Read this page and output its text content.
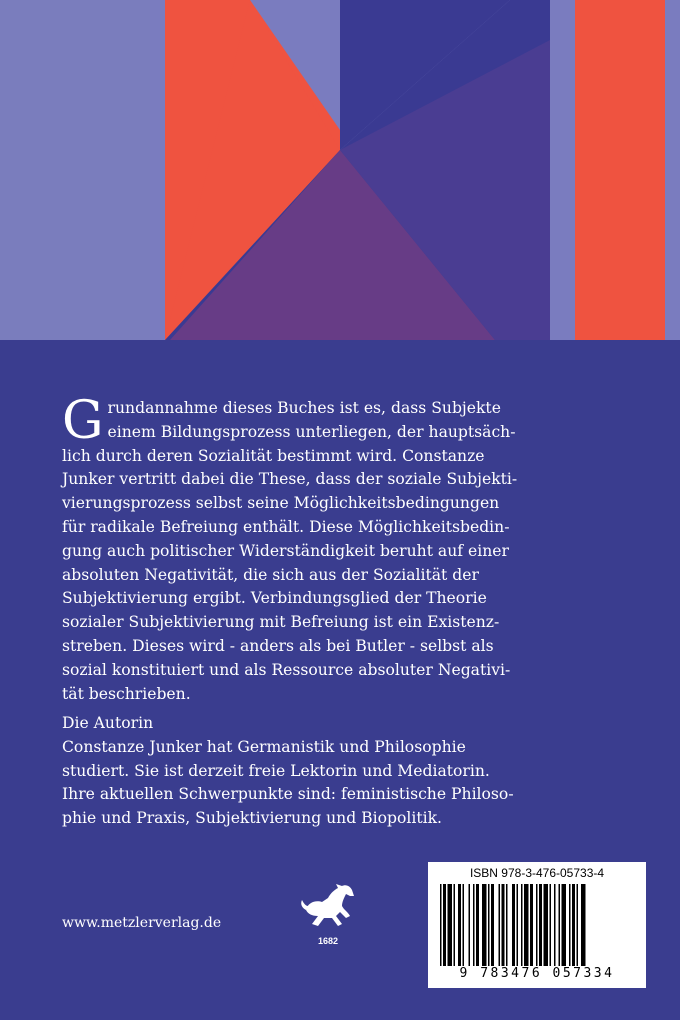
G rundannahme dieses Buches ist es, dass Subjekte
einem Bildungsprozess unterliegen, der hauptsäch-
lich durch deren Sozialität bestimmt wird. Constanze
Junker vertritt dabei die These, dass der soziale Subjekti-
vierungsprozess selbst seine Möglichkeitsbedingungen
für radikale Befreiung enthält. Diese Möglichkeitsbedin-
gung auch politischer Widerständigkeit beruht auf einer
absoluten Negativität, die sich aus der Sozialität der
Subjektivierung ergibt. Verbindungsglied der Theorie
sozialer Subjektivierung mit Befreiung ist ein Existenz-
streben. Dieses wird - anders als bei Butler - selbst als
sozial konstituiert und als Ressource absoluter Negativi-
tät beschrieben.
Die Autorin
Constanze Junker hat Germanistik und Philosophie
studiert. Sie ist derzeit freie Lektorin und Mediatorin.
Ihre aktuellen Schwerpunkte sind: feministische Philoso-
phie und Praxis, Subjektivierung und Biopolitik.
www.metzlerverlag.de
1682
ISBN 978-3-476-05733-4
9 783476 057334
